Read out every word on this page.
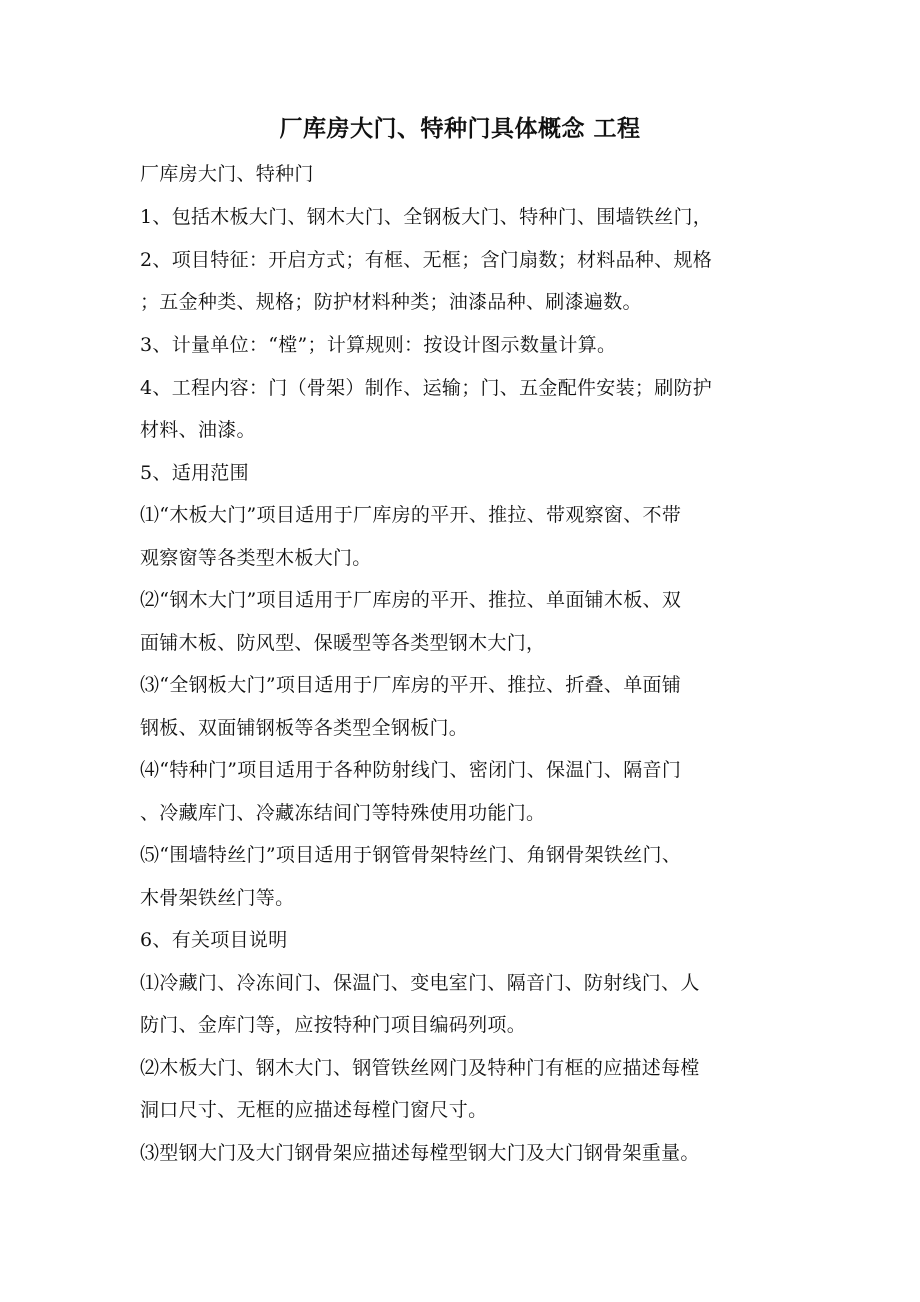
厂库房大门、特种门具体概念 工程
厂库房大门、特种门
1、包括木板大门、钢木大门、全钢板大门、特种门、围墙铁丝门，
2、项目特征：开启方式；有框、无框；含门扇数；材料品种、规格
；五金种类、规格；防护材料种类；油漆品种、刷漆遍数。
3、计量单位：“樘”；计算规则：按设计图示数量计算。
4、工程内容：门（骨架）制作、运输；门、五金配件安装；刷防护
材料、油漆。
5、适用范围
⑴“木板大门”项目适用于厂库房的平开、推拉、带观察窗、不带
观察窗等各类型木板大门。
⑵“钢木大门”项目适用于厂库房的平开、推拉、单面铺木板、双
面铺木板、防风型、保暖型等各类型钢木大门，
⑶“全钢板大门”项目适用于厂库房的平开、推拉、折叠、单面铺
钢板、双面铺钢板等各类型全钢板门。
⑷“特种门”项目适用于各种防射线门、密闭门、保温门、隔音门
、冷藏库门、冷藏冻结间门等特殊使用功能门。
⑸“围墙特丝门”项目适用于钢管骨架特丝门、角钢骨架铁丝门、
木骨架铁丝门等。
6、有关项目说明
⑴冷藏门、冷冻间门、保温门、变电室门、隔音门、防射线门、人
防门、金库门等，应按特种门项目编码列项。
⑵木板大门、钢木大门、钢管铁丝网门及特种门有框的应描述每樘
洞口尺寸、无框的应描述每樘门窗尺寸。
⑶型钢大门及大门钢骨架应描述每樘型钢大门及大门钢骨架重量。
